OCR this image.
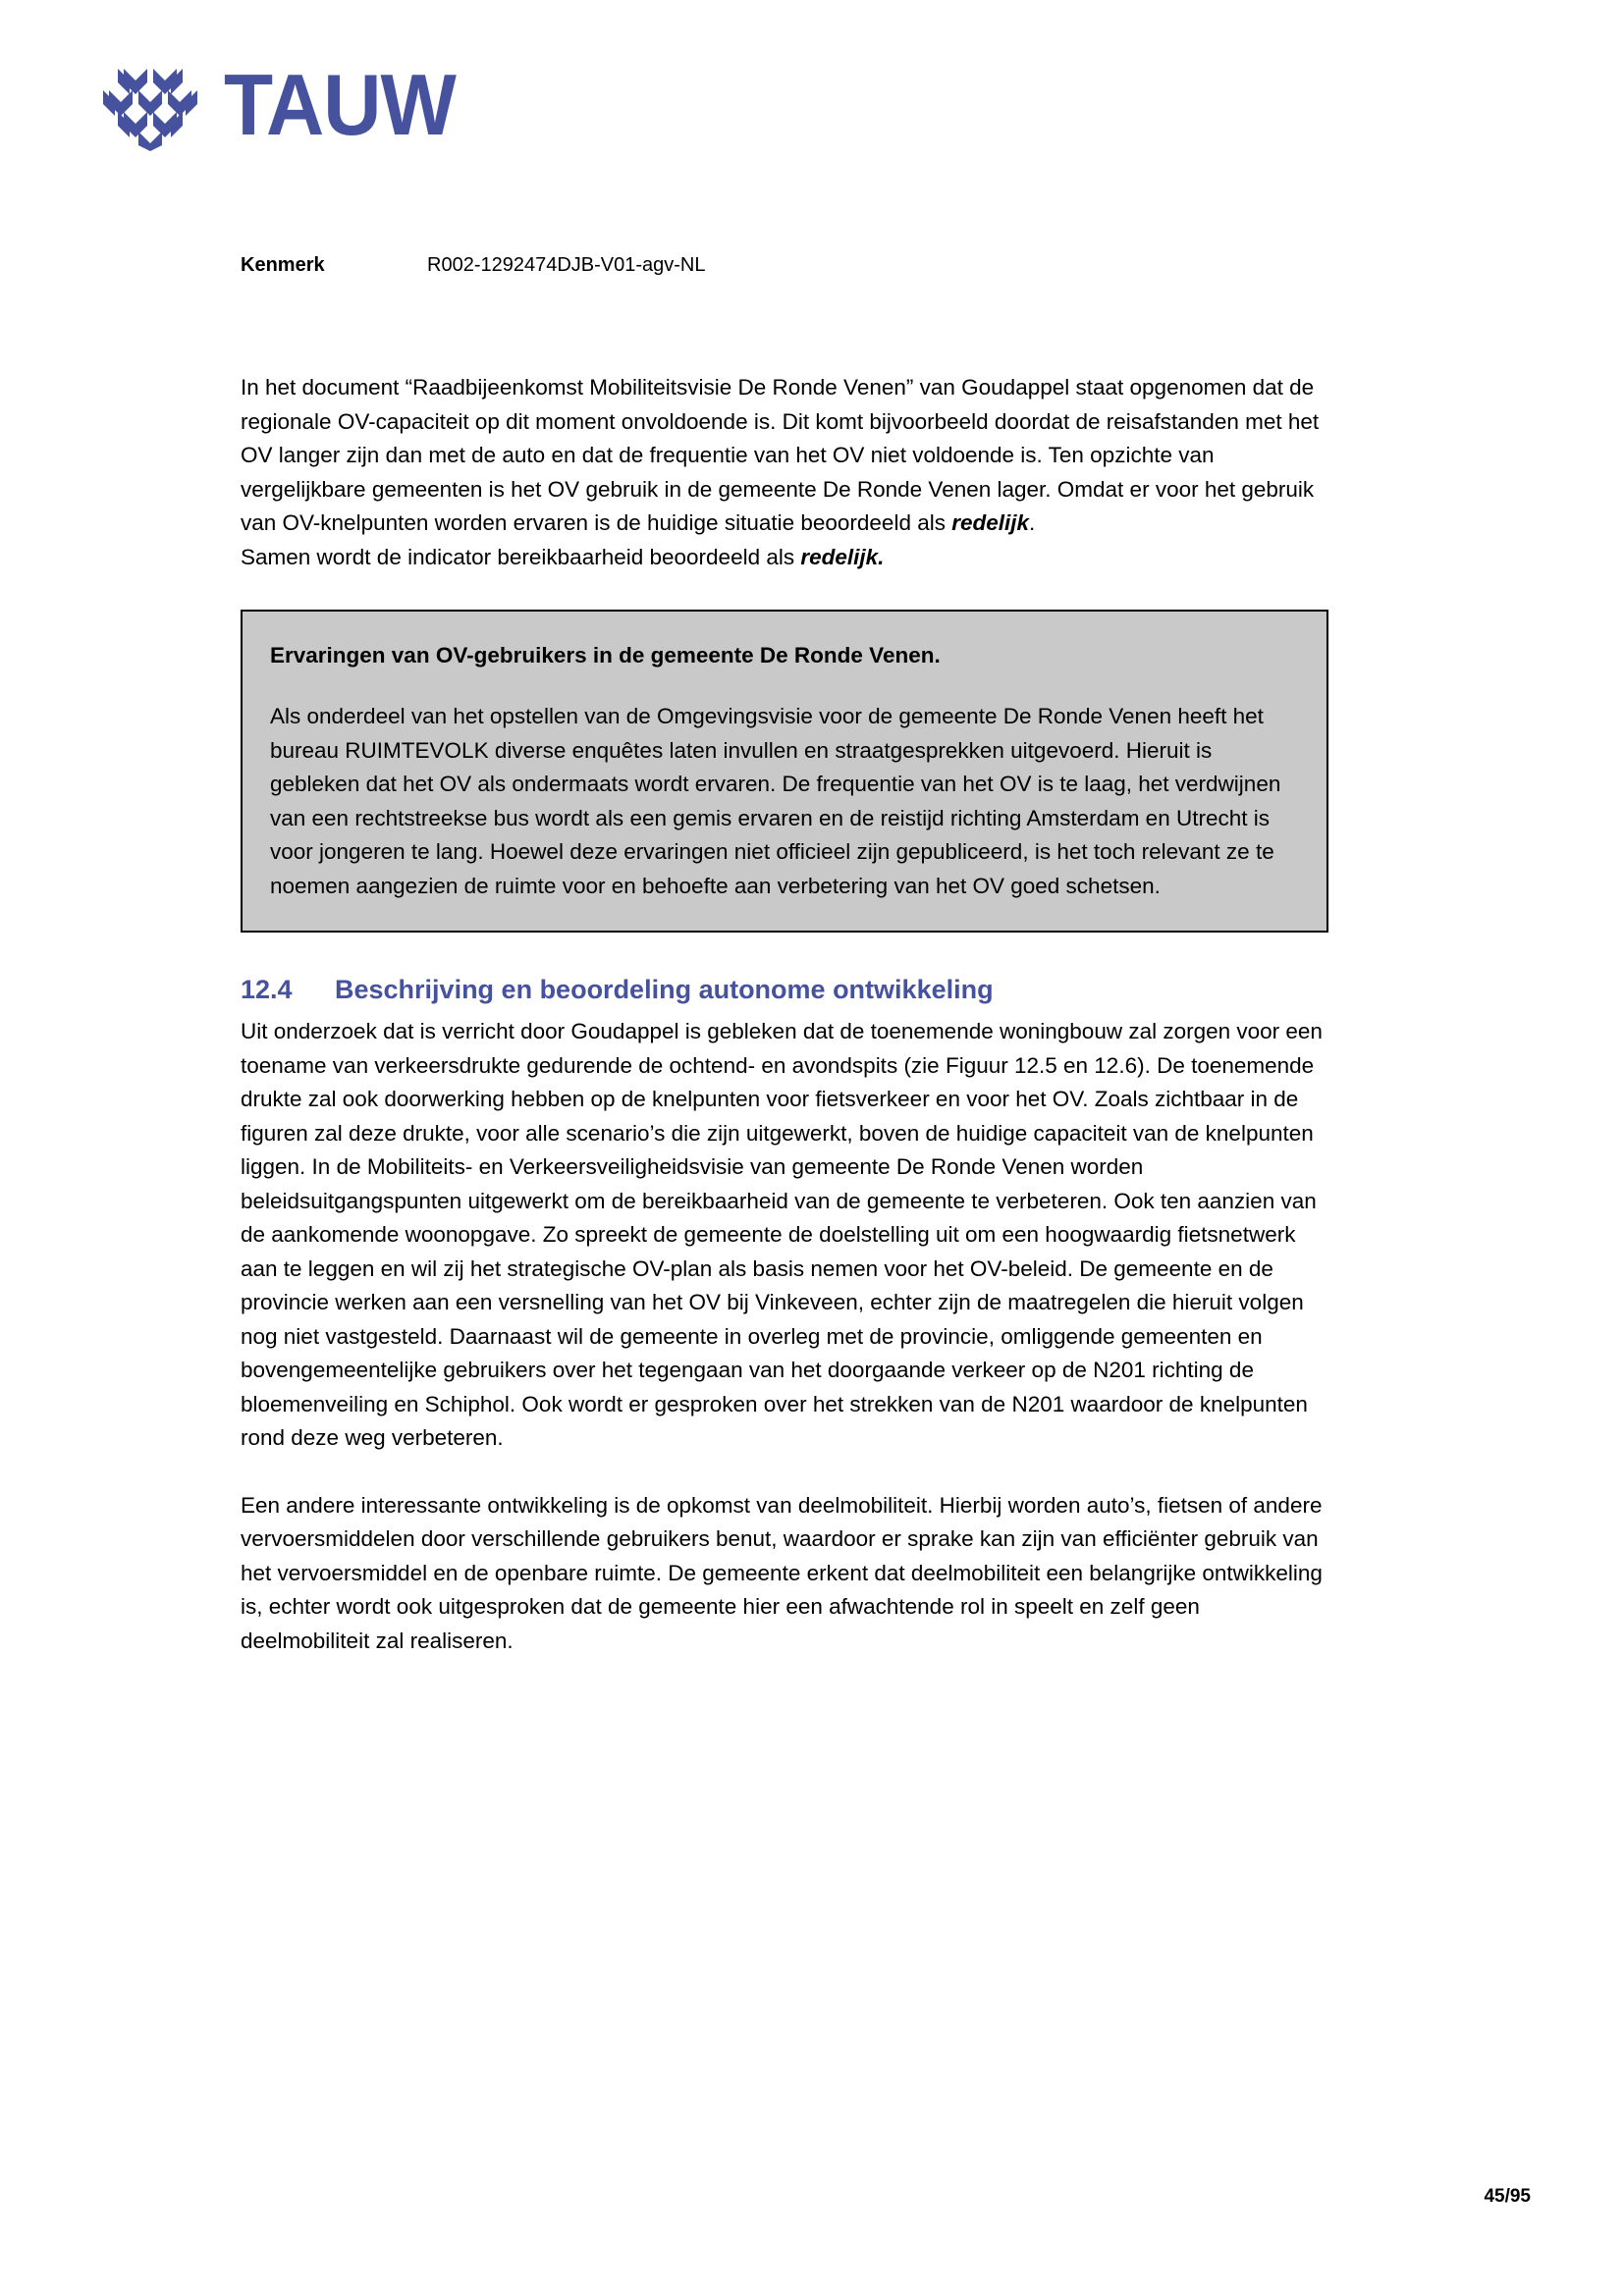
TAUW
Kenmerk	R002-1292474DJB-V01-agv-NL

In het document “Raadbijeenkomst Mobiliteitsvisie De Ronde Venen” van Goudappel staat opgenomen dat de regionale OV-capaciteit op dit moment onvoldoende is. Dit komt bijvoorbeeld doordat de reisafstanden met het OV langer zijn dan met de auto en dat de frequentie van het OV niet voldoende is. Ten opzichte van vergelijkbare gemeenten is het OV gebruik in de gemeente De Ronde Venen lager. Omdat er voor het gebruik van OV-knelpunten worden ervaren is de huidige situatie beoordeeld als redelijk.

Samen wordt de indicator bereikbaarheid beoordeeld als redelijk.

Ervaringen van OV-gebruikers in de gemeente De Ronde Venen.

Als onderdeel van het opstellen van de Omgevingsvisie voor de gemeente De Ronde Venen heeft het bureau RUIMTEVOLK diverse enquêtes laten invullen en straatgesprekken uitgevoerd. Hieruit is gebleken dat het OV als ondermaats wordt ervaren. De frequentie van het OV is te laag, het verdwijnen van een rechtstreekse bus wordt als een gemis ervaren en de reistijd richting Amsterdam en Utrecht is voor jongeren te lang. Hoewel deze ervaringen niet officieel zijn gepubliceerd, is het toch relevant ze te noemen aangezien de ruimte voor en behoefte aan verbetering van het OV goed schetsen.

12.4	Beschrijving en beoordeling autonome ontwikkeling

Uit onderzoek dat is verricht door Goudappel is gebleken dat de toenemende woningbouw zal zorgen voor een toename van verkeersdrukte gedurende de ochtend- en avondspits (zie Figuur 12.5 en 12.6). De toenemende drukte zal ook doorwerking hebben op de knelpunten voor fietsverkeer en voor het OV. Zoals zichtbaar in de figuren zal deze drukte, voor alle scenario’s die zijn uitgewerkt, boven de huidige capaciteit van de knelpunten liggen. In de Mobiliteits- en Verkeersveiligheidsvisie van gemeente De Ronde Venen worden beleidsuitgangspunten uitgewerkt om de bereikbaarheid van de gemeente te verbeteren. Ook ten aanzien van de aankomende woonopgave. Zo spreekt de gemeente de doelstelling uit om een hoogwaardig fietsnetwerk aan te leggen en wil zij het strategische OV-plan als basis nemen voor het OV-beleid. De gemeente en de provincie werken aan een versnelling van het OV bij Vinkeveen, echter zijn de maatregelen die hieruit volgen nog niet vastgesteld. Daarnaast wil de gemeente in overleg met de provincie, omliggende gemeenten en bovengemeentelijke gebruikers over het tegengaan van het doorgaande verkeer op de N201 richting de bloemenveiling en Schiphol. Ook wordt er gesproken over het strekken van de N201 waardoor de knelpunten rond deze weg verbeteren.

Een andere interessante ontwikkeling is de opkomst van deelmobiliteit. Hierbij worden auto’s, fietsen of andere vervoersmiddelen door verschillende gebruikers benut, waardoor er sprake kan zijn van efficiënter gebruik van het vervoersmiddel en de openbare ruimte. De gemeente erkent dat deelmobiliteit een belangrijke ontwikkeling is, echter wordt ook uitgesproken dat de gemeente hier een afwachtende rol in speelt en zelf geen deelmobiliteit zal realiseren.

45/95
